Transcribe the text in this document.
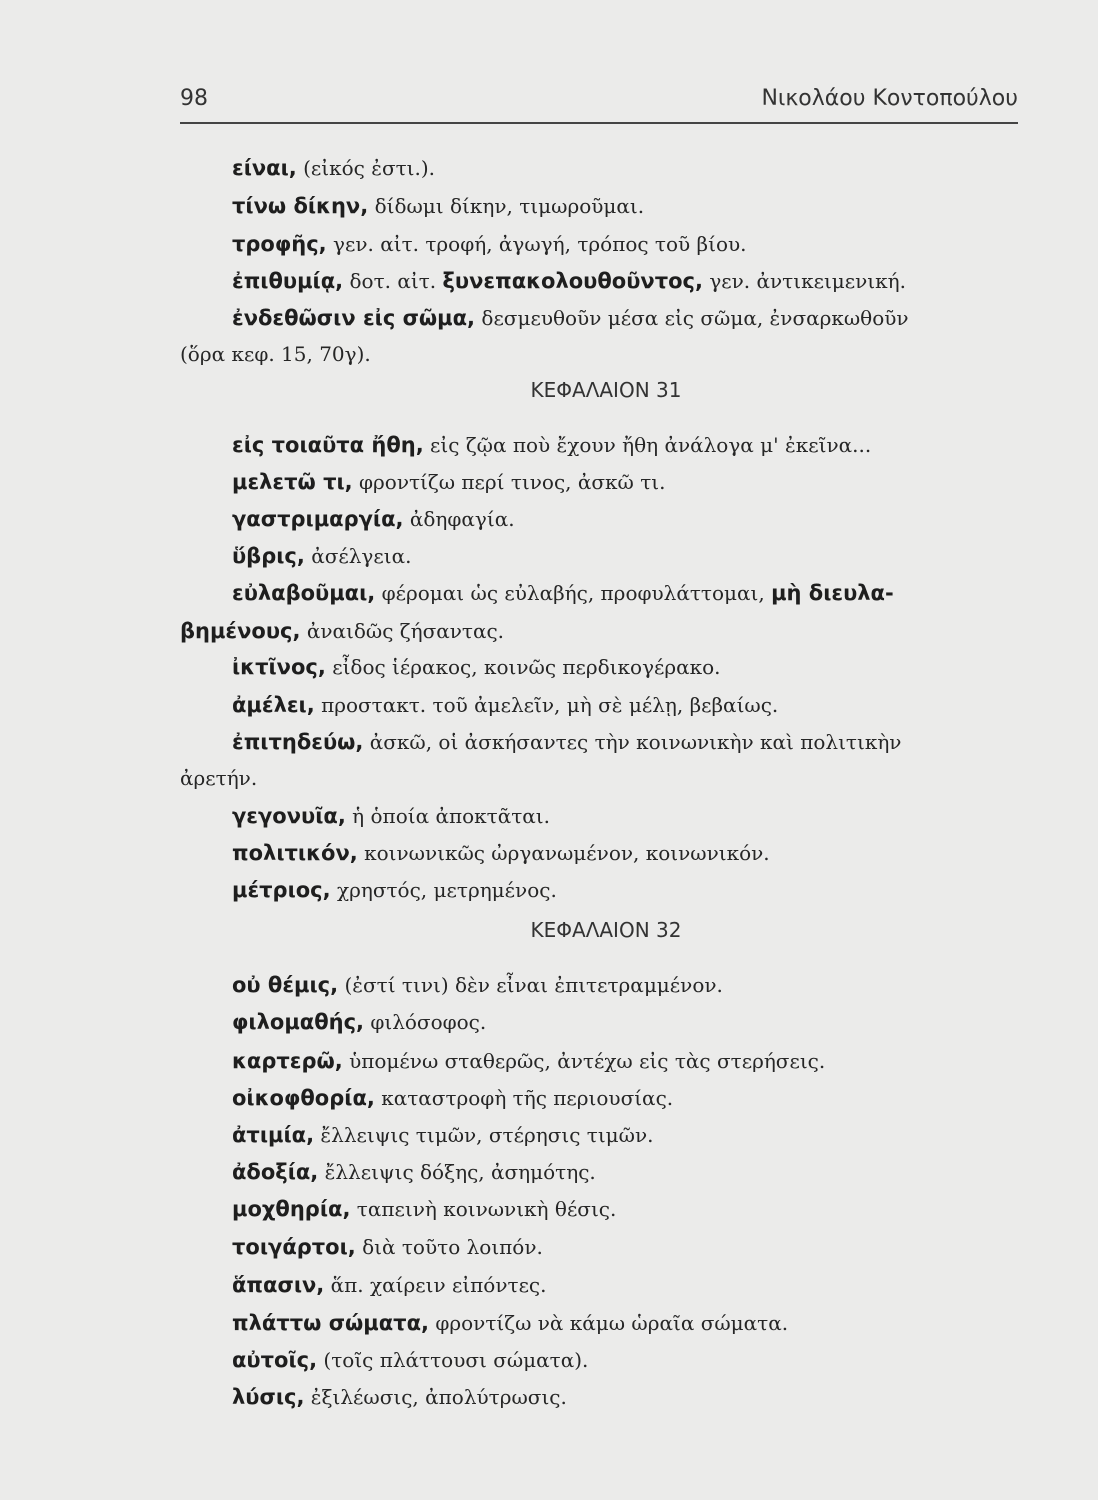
98	Νικολάου Κοντοπούλου
είναι, (εἰκός ἐστι.).
τίνω δίκην, δίδωμι δίκην, τιμωροῦμαι.
τροφῆς, γεν. αἰτ. τροφή, ἀγωγή, τρόπος τοῦ βίου.
ἐπιθυμίᾳ, δοτ. αἰτ. ξυνεπακολουθοῦντος, γεν. ἀντικειμενική.
ἐνδεθῶσιν εἰς σῶμα, δεσμευθοῦν μέσα εἰς σῶμα, ἐνσαρκωθοῦν
(ὅρα κεφ. 15, 70γ).
ΚΕΦΑΛΑΙΟΝ 31
εἰς τοιαῦτα ἤθη, εἰς ζῷα ποὺ ἔχουν ἤθη ἀνάλογα μ' ἐκεῖνα...
μελετῶ τι, φροντίζω περί τινος, ἀσκῶ τι.
γαστριμαργία, ἀδηφαγία.
ὕβρις, ἀσέλγεια.
εὐλαβοῦμαι, φέρομαι ὡς εὐλαβής, προφυλάττομαι, μὴ διευλα-
βημένους, ἀναιδῶς ζήσαντας.
ἰκτῖνος, εἶδος ἱέρακος, κοινῶς περδικογέρακο.
ἀμέλει, προστακτ. τοῦ ἀμελεῖν, μὴ σὲ μέλῃ, βεβαίως.
ἐπιτηδεύω, ἀσκῶ, οἱ ἀσκήσαντες τὴν κοινωνικὴν καὶ πολιτικὴν
ἀρετήν.
γεγονυῖα, ἡ ὁποία ἀποκτᾶται.
πολιτικόν, κοινωνικῶς ὠργανωμένον, κοινωνικόν.
μέτριος, χρηστός, μετρημένος.
ΚΕΦΑΛΑΙΟΝ 32
οὐ θέμις, (ἐστί τινι) δὲν εἶναι ἐπιτετραμμένον.
φιλομαθής, φιλόσοφος.
καρτερῶ, ὑπομένω σταθερῶς, ἀντέχω εἰς τὰς στερήσεις.
οἰκοφθορία, καταστροφὴ τῆς περιουσίας.
ἀτιμία, ἔλλειψις τιμῶν, στέρησις τιμῶν.
ἀδοξία, ἔλλειψις δόξης, ἀσημότης.
μοχθηρία, ταπεινὴ κοινωνικὴ θέσις.
τοιγάρτοι, διὰ τοῦτο λοιπόν.
ἅπασιν, ἅπ. χαίρειν εἰπόντες.
πλάττω σώματα, φροντίζω νὰ κάμω ὡραῖα σώματα.
αὐτοῖς, (τοῖς πλάττουσι σώματα).
λύσις, ἐξιλέωσις, ἀπολύτρωσις.
